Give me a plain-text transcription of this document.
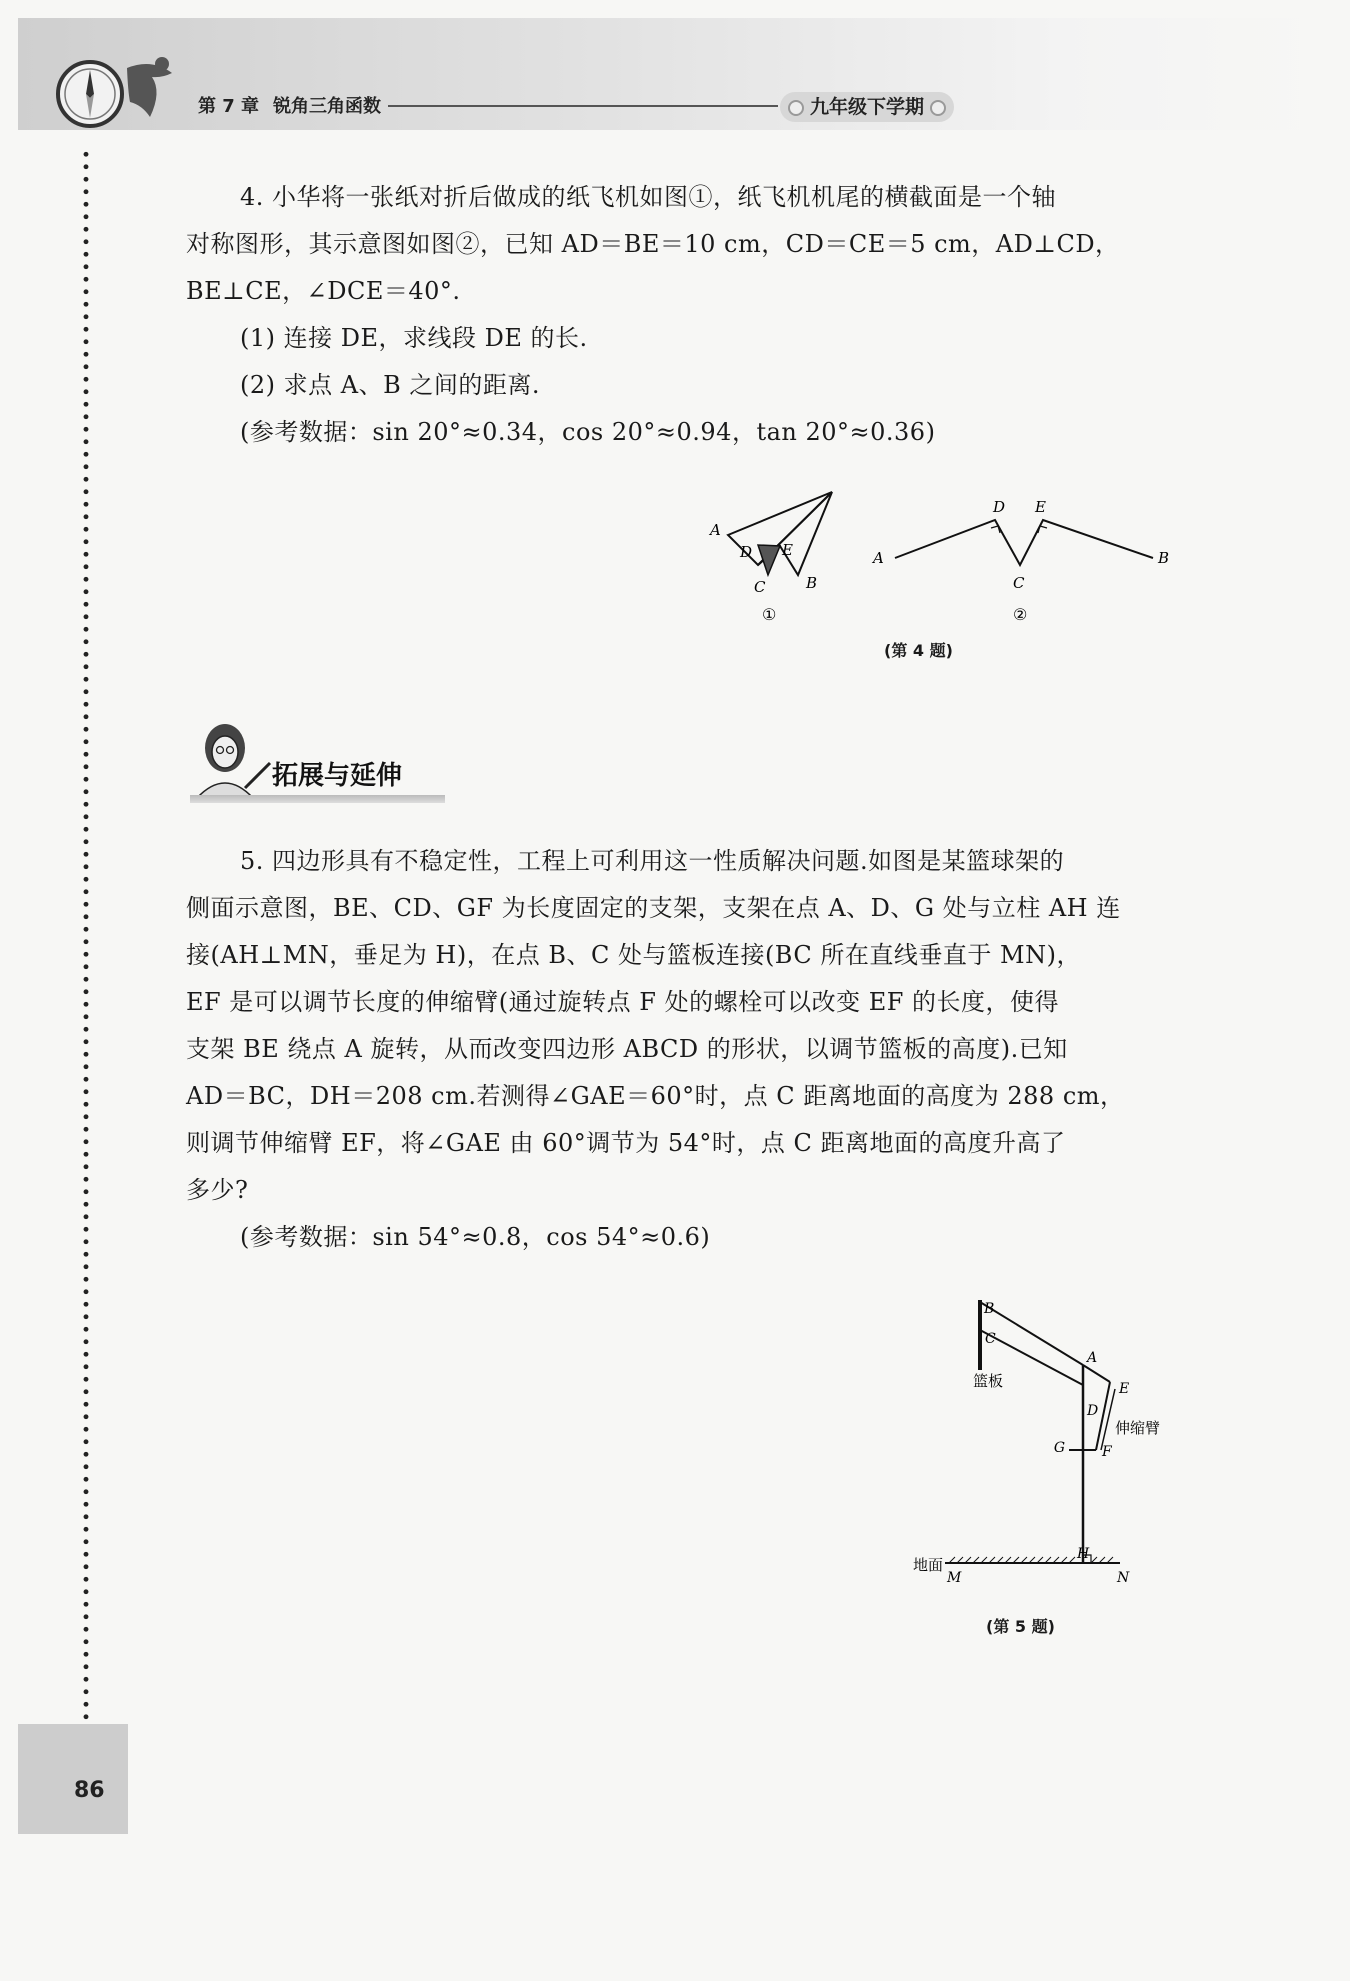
第 7 章 锐角三角函数	九年级下学期
4. 小华将一张纸对折后做成的纸飞机如图①，纸飞机机尾的横截面是一个轴
对称图形，其示意图如图②，已知 AD＝BE＝10 cm，CD＝CE＝5 cm，AD⊥CD，
BE⊥CE，∠DCE＝40°.
(1) 连接 DE，求线段 DE 的长.
(2) 求点 A、B 之间的距离.
(参考数据：sin 20°≈0.34，cos 20°≈0.94，tan 20°≈0.36)
A
D E
C	B
①
A
D E
C
B
②
(第 4 题)
拓展与延伸
5. 四边形具有不稳定性，工程上可利用这一性质解决问题.如图是某篮球架的
侧面示意图，BE、CD、GF 为长度固定的支架，支架在点 A、D、G 处与立柱 AH 连
接(AH⊥MN，垂足为 H)，在点 B、C 处与篮板连接(BC 所在直线垂直于 MN)，
EF 是可以调节长度的伸缩臂(通过旋转点 F 处的螺栓可以改变 EF 的长度，使得
支架 BE 绕点 A 旋转，从而改变四边形 ABCD 的形状，以调节篮板的高度).已知
AD＝BC，DH＝208 cm.若测得∠GAE＝60°时，点 C 距离地面的高度为 288 cm，
则调节伸缩臂 EF，将∠GAE 由 60°调节为 54°时，点 C 距离地面的高度升高了
多少?
(参考数据：sin 54°≈0.8，cos 54°≈0.6)
B
C
A
E
D
G	F
H
M	N
篮板
伸缩臂
地面
(第 5 题)
86
